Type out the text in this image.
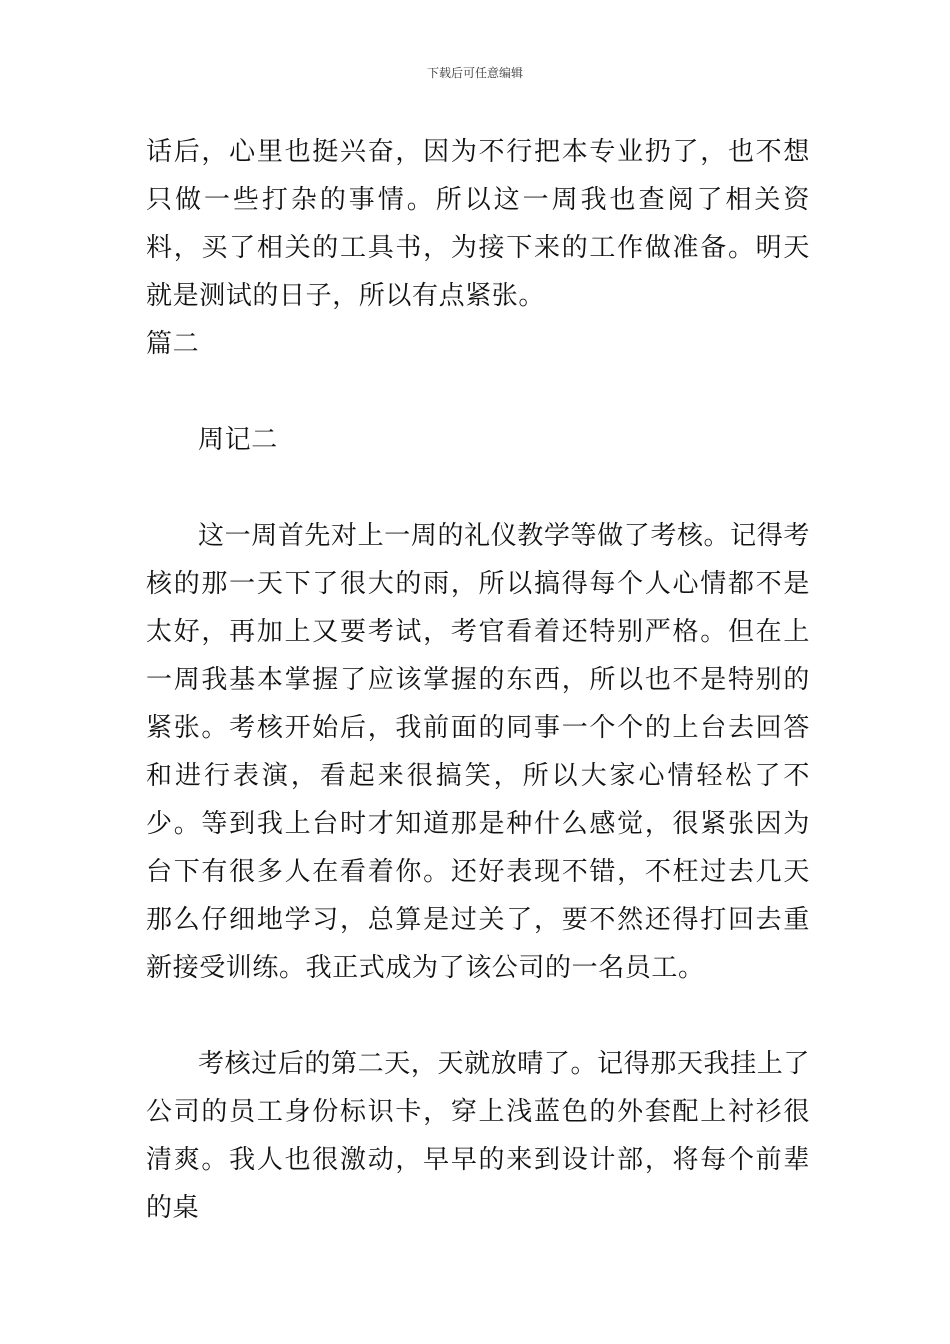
下载后可任意编辑

话后，心里也挺兴奋，因为不行把本专业扔了，也不想只做一些打杂的事情。所以这一周我也查阅了相关资料，买了相关的工具书，为接下来的工作做准备。明天就是测试的日子，所以有点紧张。

篇二

周记二

这一周首先对上一周的礼仪教学等做了考核。记得考核的那一天下了很大的雨，所以搞得每个人心情都不是太好，再加上又要考试，考官看着还特别严格。但在上一周我基本掌握了应该掌握的东西，所以也不是特别的紧张。考核开始后，我前面的同事一个个的上台去回答和进行表演，看起来很搞笑，所以大家心情轻松了不少。等到我上台时才知道那是种什么感觉，很紧张因为台下有很多人在看着你。还好表现不错，不枉过去几天那么仔细地学习，总算是过关了，要不然还得打回去重新接受训练。我正式成为了该公司的一名员工。

考核过后的第二天，天就放晴了。记得那天我挂上了公司的员工身份标识卡，穿上浅蓝色的外套配上衬衫很清爽。我人也很激动，早早的来到设计部，将每个前辈的桌
